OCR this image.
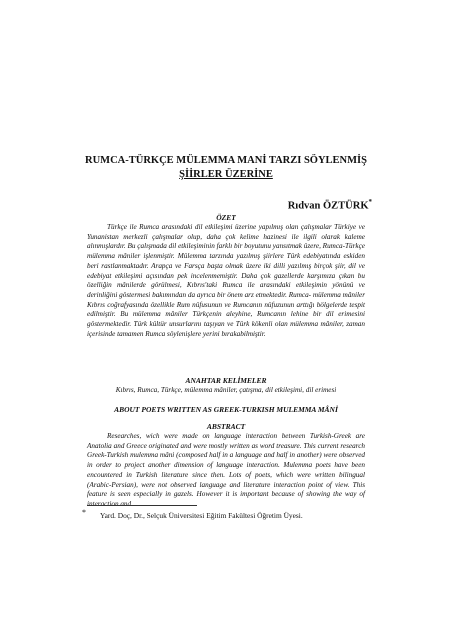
RUMCA-TÜRKÇE MÜLEMMA MANİ TARZI SÖYLENMİŞ
ŞİİRLER ÜZERİNE
Rıdvan ÖZTÜRK*
ÖZET

Türkçe ile Rumca arasındaki dil etkileşimi üzerine yapılmış olan çalışmalar Türkiye ve Yunanistan merkezli çalışmalar olup, daha çok kelime hazinesi ile ilgili olarak kaleme alınmışlardır. Bu çalışmada dil etkileşiminin farklı bir boyutunu yansıtmak üzere, Rumca-Türkçe mülemma mâniler işlenmiştir. Mülemma tarzında yazılmış şiirlere Türk edebiyatında eskiden beri rastlanmaktadır. Arapça ve Farsça başta olmak üzere iki dilli yazılmış birçok şiir, dil ve edebiyat etkileşimi açısından pek incelenmemiştir. Daha çok gazellerde karşımıza çıkan bu özelliğin mânilerde görülmesi, Kıbrıs'taki Rumca ile arasındaki etkileşimin yönünü ve derinliğini göstermesi bakımından da ayrıca bir önem arz etmektedir. Rumca- mülemma mâniler Kıbrıs coğrafyasında özellikle Rum nüfusunun ve Rumcanın nüfuzunun arttığı bölgelerde tespit edilmiştir. Bu mülemma mâniler Türkçenin aleyhine, Rumcanın lehine bir dil erimesini göstermektedir. Türk kültür unsurlarını taşıyan ve Türk kökenli olan mülemma mâniler, zaman içerisinde tamamen Rumca söylenişlere yerini bırakabilmiştir.

ANAHTAR KELİMELER
Kıbrıs, Rumca, Türkçe, mülemma mâniler, çatışma, dil etkileşimi, dil erimesi
ABOUT POETS WRITTEN AS GREEK-TURKISH MULEMMA MÂNİ
ABSTRACT

Researches, wich were made on language interaction between Turkish-Greek are Anatolia and Greece originated and were mostly written as word treasure. This current research Greek-Turkish mulemma mâni (composed half in a language and half in another) were observed in order to project another dimension of language interaction. Mulemma poets have been encountered in Turkish literature since then. Lots of poets, which were written bilingual (Arabic-Persian), were not observed language and literature interaction point of view. This feature is seen especially in gazels. However it is important because of showing the way of interaction and

*	Yard. Doç, Dr., Selçuk Üniversitesi Eğitim Fakültesi Öğretim Üyesi.
